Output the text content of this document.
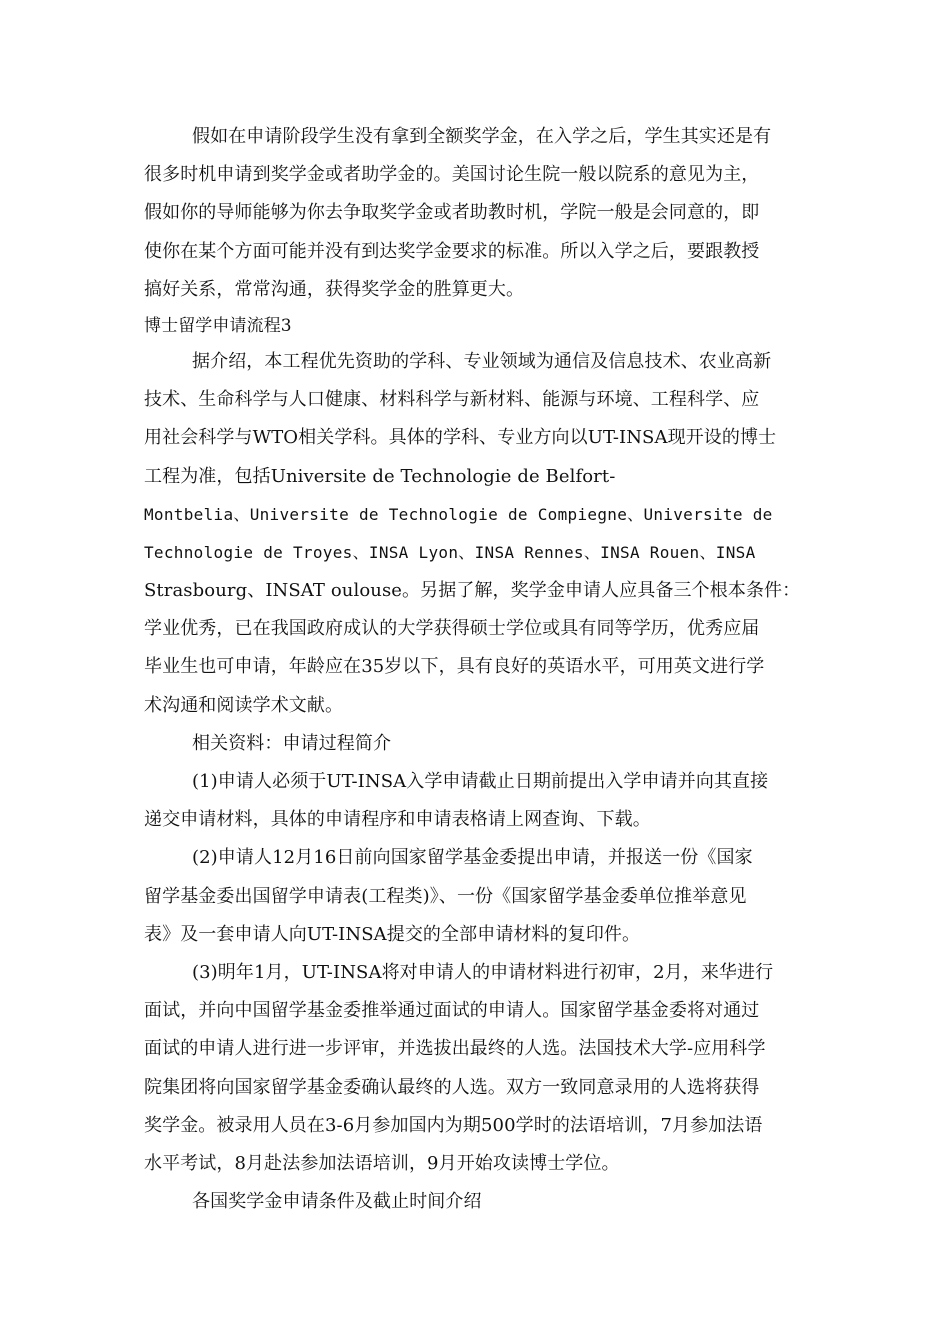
假如在申请阶段学生没有拿到全额奖学金，在入学之后，学生其实还是有
很多时机申请到奖学金或者助学金的。美国讨论生院一般以院系的意见为主，
假如你的导师能够为你去争取奖学金或者助教时机，学院一般是会同意的，即
使你在某个方面可能并没有到达奖学金要求的标准。所以入学之后，要跟教授
搞好关系，常常沟通，获得奖学金的胜算更大。
博士留学申请流程3
据介绍，本工程优先资助的学科、专业领域为通信及信息技术、农业高新
技术、生命科学与人口健康、材料科学与新材料、能源与环境、工程科学、应
用社会科学与WTO相关学科。具体的学科、专业方向以UT-INSA现开设的博士
工程为准，包括Universite de Technologie de Belfort-
Montbelia、Universite de Technologie de Compiegne、Universite de
Technologie de Troyes、INSA Lyon、INSA Rennes、INSA Rouen、INSA
Strasbourg、INSAT oulouse。另据了解，奖学金申请人应具备三个根本条件：
学业优秀，已在我国政府成认的大学获得硕士学位或具有同等学历，优秀应届
毕业生也可申请，年龄应在35岁以下，具有良好的英语水平，可用英文进行学
术沟通和阅读学术文献。
相关资料：申请过程简介
(1)申请人必须于UT-INSA入学申请截止日期前提出入学申请并向其直接
递交申请材料，具体的申请程序和申请表格请上网查询、下载。
(2)申请人12月16日前向国家留学基金委提出申请，并报送一份《国家
留学基金委出国留学申请表(工程类)》、一份《国家留学基金委单位推举意见
表》及一套申请人向UT-INSA提交的全部申请材料的复印件。
(3)明年1月，UT-INSA将对申请人的申请材料进行初审，2月，来华进行
面试，并向中国留学基金委推举通过面试的申请人。国家留学基金委将对通过
面试的申请人进行进一步评审，并选拔出最终的人选。法国技术大学-应用科学
院集团将向国家留学基金委确认最终的人选。双方一致同意录用的人选将获得
奖学金。被录用人员在3-6月参加国内为期500学时的法语培训，7月参加法语
水平考试，8月赴法参加法语培训，9月开始攻读博士学位。
各国奖学金申请条件及截止时间介绍
